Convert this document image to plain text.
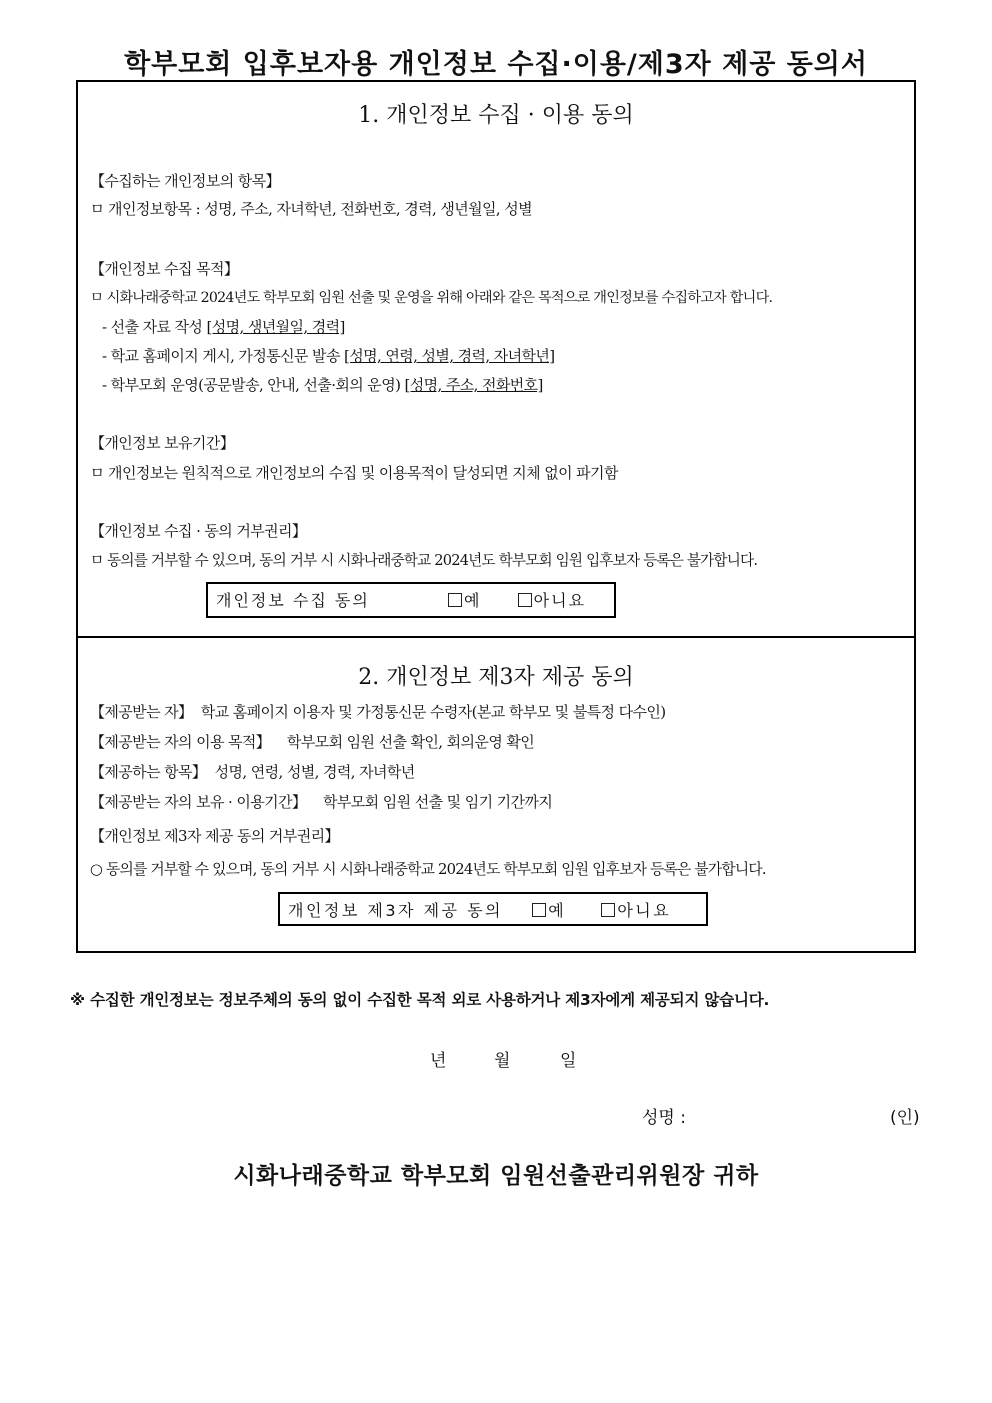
학부모회 입후보자용 개인정보 수집·이용/제3자 제공 동의서
1. 개인정보 수집 · 이용 동의
【수집하는 개인정보의 항목】
ㅁ 개인정보항목 : 성명, 주소, 자녀학년, 전화번호, 경력, 생년월일, 성별
【개인정보 수집 목적】
ㅁ 시화나래중학교 2024년도 학부모회 임원 선출 및 운영을 위해 아래와 같은 목적으로 개인정보를 수집하고자 합니다.
- 선출 자료 작성 [성명, 생년월일, 경력]
- 학교 홈페이지 게시, 가정통신문 발송 [성명, 연령, 성별, 경력, 자녀학년]
- 학부모회 운영(공문발송, 안내, 선출·회의 운영) [성명, 주소, 전화번호]
【개인정보 보유기간】
ㅁ 개인정보는 원칙적으로 개인정보의 수집 및 이용목적이 달성되면 지체 없이 파기함
【개인정보 수집 · 동의 거부권리】
ㅁ 동의를 거부할 수 있으며, 동의 거부 시 시화나래중학교 2024년도 학부모회 임원 입후보자 등록은 불가합니다.
개인정보 수집 동의	예	아니요
2. 개인정보 제3자 제공 동의
【제공받는 자】 학교 홈페이지 이용자 및 가정통신문 수령자(본교 학부모 및 불특정 다수인)
【제공받는 자의 이용 목적】 학부모회 임원 선출 확인, 회의운영 확인
【제공하는 항목】 성명, 연령, 성별, 경력, 자녀학년
【제공받는 자의 보유 · 이용기간】 학부모회 임원 선출 및 임기 기간까지
【개인정보 제3자 제공 동의 거부권리】
○ 동의를 거부할 수 있으며, 동의 거부 시 시화나래중학교 2024년도 학부모회 임원 입후보자 등록은 불가합니다.
개인정보 제3자 제공 동의	예	아니요
※ 수집한 개인정보는 정보주체의 동의 없이 수집한 목적 외로 사용하거나 제3자에게 제공되지 않습니다.
년	월	일
성명 :	(인)
시화나래중학교 학부모회 임원선출관리위원장 귀하
